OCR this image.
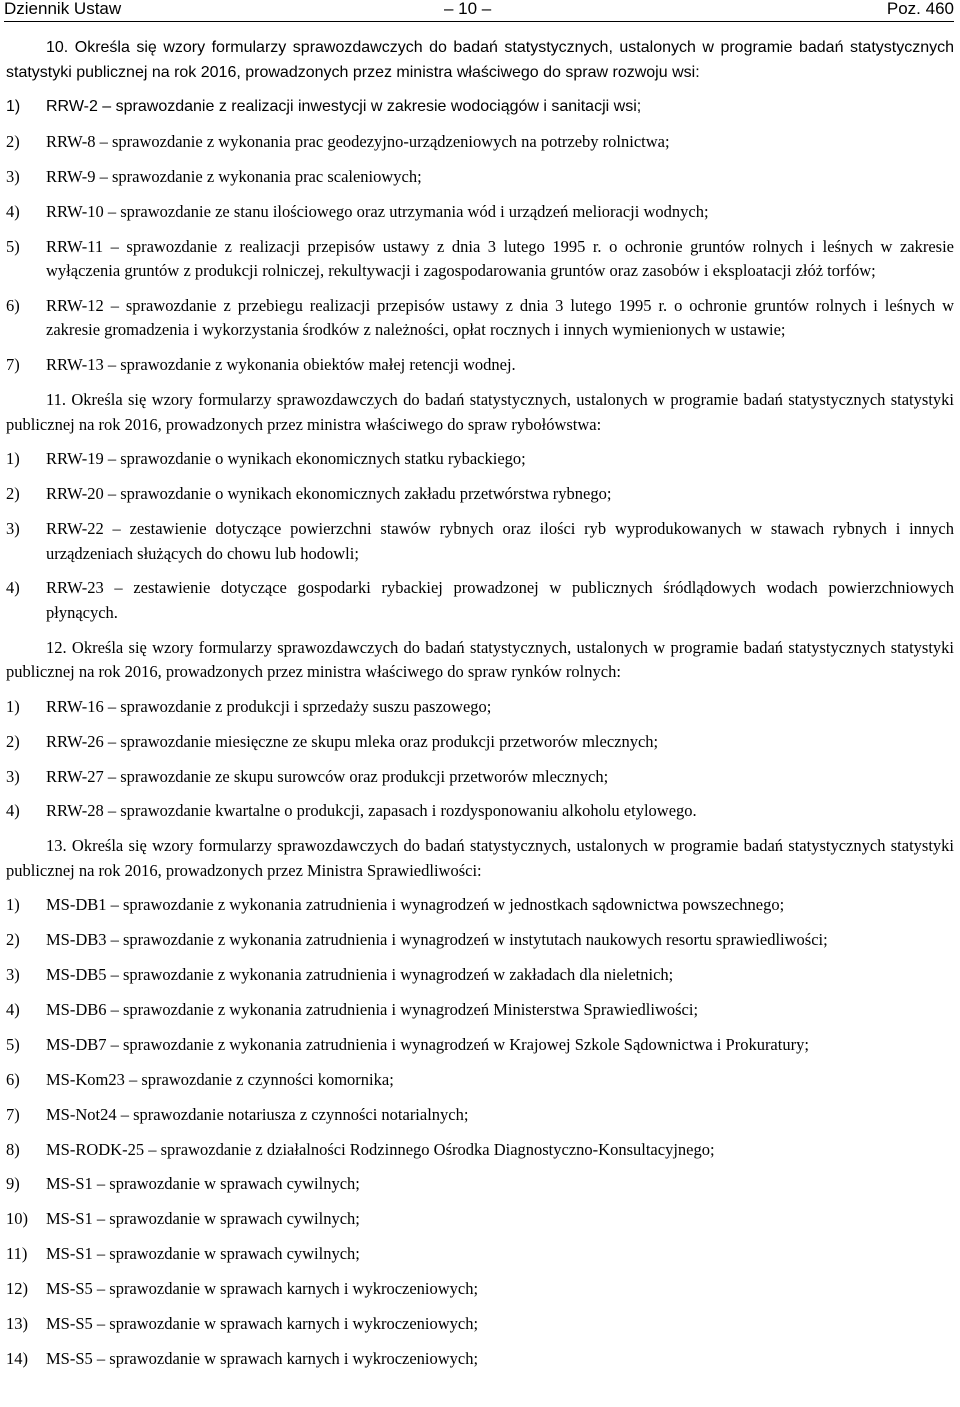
Dziennik Ustaw	– 10 –	Poz. 460

10. Określa się wzory formularzy sprawozdawczych do badań statystycznych, ustalonych w programie badań statystycznych statystyki publicznej na rok 2016, prowadzonych przez ministra właściwego do spraw rozwoju wsi:

1) RRW-2 – sprawozdanie z realizacji inwestycji w zakresie wodociągów i sanitacji wsi;
2) RRW-8 – sprawozdanie z wykonania prac geodezyjno-urządzeniowych na potrzeby rolnictwa;
3) RRW-9 – sprawozdanie z wykonania prac scaleniowych;
4) RRW-10 – sprawozdanie ze stanu ilościowego oraz utrzymania wód i urządzeń melioracji wodnych;
5) RRW-11 – sprawozdanie z realizacji przepisów ustawy z dnia 3 lutego 1995 r. o ochronie gruntów rolnych i leśnych w zakresie wyłączenia gruntów z produkcji rolniczej, rekultywacji i zagospodarowania gruntów oraz zasobów i eksploatacji złóż torfów;
6) RRW-12 – sprawozdanie z przebiegu realizacji przepisów ustawy z dnia 3 lutego 1995 r. o ochronie gruntów rolnych i leśnych w zakresie gromadzenia i wykorzystania środków z należności, opłat rocznych i innych wymienionych w ustawie;
7) RRW-13 – sprawozdanie z wykonania obiektów małej retencji wodnej.

11. Określa się wzory formularzy sprawozdawczych do badań statystycznych, ustalonych w programie badań statystycznych statystyki publicznej na rok 2016, prowadzonych przez ministra właściwego do spraw rybołówstwa:

1) RRW-19 – sprawozdanie o wynikach ekonomicznych statku rybackiego;
2) RRW-20 – sprawozdanie o wynikach ekonomicznych zakładu przetwórstwa rybnego;
3) RRW-22 – zestawienie dotyczące powierzchni stawów rybnych oraz ilości ryb wyprodukowanych w stawach rybnych i innych urządzeniach służących do chowu lub hodowli;
4) RRW-23 – zestawienie dotyczące gospodarki rybackiej prowadzonej w publicznych śródlądowych wodach powierzchniowych płynących.

12. Określa się wzory formularzy sprawozdawczych do badań statystycznych, ustalonych w programie badań statystycznych statystyki publicznej na rok 2016, prowadzonych przez ministra właściwego do spraw rynków rolnych:

1) RRW-16 – sprawozdanie z produkcji i sprzedaży suszu paszowego;
2) RRW-26 – sprawozdanie miesięczne ze skupu mleka oraz produkcji przetworów mlecznych;
3) RRW-27 – sprawozdanie ze skupu surowców oraz produkcji przetworów mlecznych;
4) RRW-28 – sprawozdanie kwartalne o produkcji, zapasach i rozdysponowaniu alkoholu etylowego.

13. Określa się wzory formularzy sprawozdawczych do badań statystycznych, ustalonych w programie badań statystycznych statystyki publicznej na rok 2016, prowadzonych przez Ministra Sprawiedliwości:

1) MS-DB1 – sprawozdanie z wykonania zatrudnienia i wynagrodzeń w jednostkach sądownictwa powszechnego;
2) MS-DB3 – sprawozdanie z wykonania zatrudnienia i wynagrodzeń w instytutach naukowych resortu sprawiedliwości;
3) MS-DB5 – sprawozdanie z wykonania zatrudnienia i wynagrodzeń w zakładach dla nieletnich;
4) MS-DB6 – sprawozdanie z wykonania zatrudnienia i wynagrodzeń Ministerstwa Sprawiedliwości;
5) MS-DB7 – sprawozdanie z wykonania zatrudnienia i wynagrodzeń w Krajowej Szkole Sądownictwa i Prokuratury;
6) MS-Kom23 – sprawozdanie z czynności komornika;
7) MS-Not24 – sprawozdanie notariusza z czynności notarialnych;
8) MS-RODK-25 – sprawozdanie z działalności Rodzinnego Ośrodka Diagnostyczno-Konsultacyjnego;
9) MS-S1 – sprawozdanie w sprawach cywilnych;
10) MS-S1 – sprawozdanie w sprawach cywilnych;
11) MS-S1 – sprawozdanie w sprawach cywilnych;
12) MS-S5 – sprawozdanie w sprawach karnych i wykroczeniowych;
13) MS-S5 – sprawozdanie w sprawach karnych i wykroczeniowych;
14) MS-S5 – sprawozdanie w sprawach karnych i wykroczeniowych;
